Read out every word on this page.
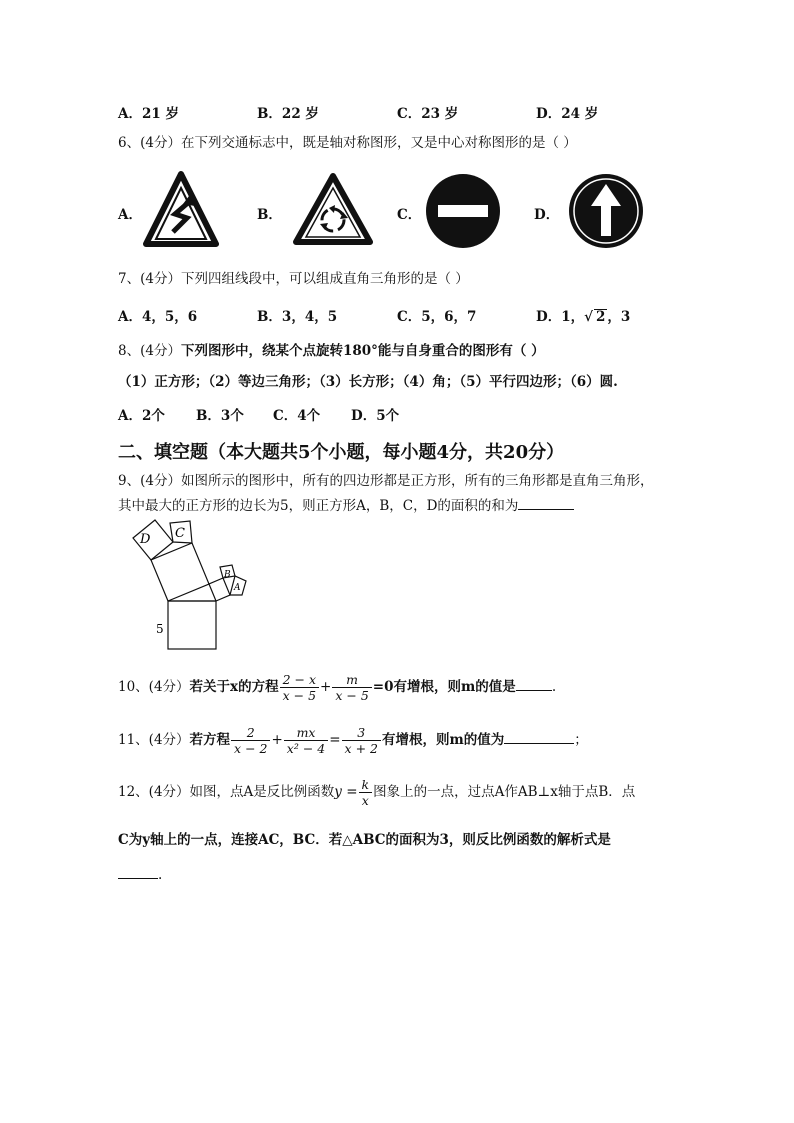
A．21 岁	B．22 岁	C．23 岁	D．24 岁
6、(4分）在下列交通标志中，既是轴对称图形，又是中心对称图形的是（ ）
A．	B．	C．	D．
7、(4分）下列四组线段中，可以组成直角三角形的是（ ）
A．4，5，6	B．3，4，5	C．5，6，7	D．1，√ 2 ，3
8、(4分）下列图形中，绕某个点旋转180°能与自身重合的图形有（ ）
（1）正方形；（2）等边三角形；（3）长方形；（4）角；（5）平行四边形；（6）圆.
A．2个 B．3个 C．4个 D．5个
二、填空题（本大题共5个小题，每小题4分，共20分）
9、(4分）如图所示的图形中，所有的四边形都是正方形，所有的三角形都是直角三角形，
其中最大的正方形的边长为5，则正方形A，B，C，D的面积的和为
D C
B
A
5
10、(4分）若关于x的方程 $\frac{2 - x}{x - 5} + \frac{m}{x - 5} =0$有增根，则m的值是	.
11、(4分）若方程 $\frac{2}{x - 2} + \frac{mx}{\text{x² − 4}} = \frac{3}{x + 2}$ 有增根，则m的值为	；
12、(4分）如图，点A是反比例函数$y = \frac{k}{x}$ 图象上的一点，过点A作AB⊥x轴于点B．点
C为y轴上的一点，连接AC，BC．若△ABC的面积为3，则反比例函数的解析式是
.
